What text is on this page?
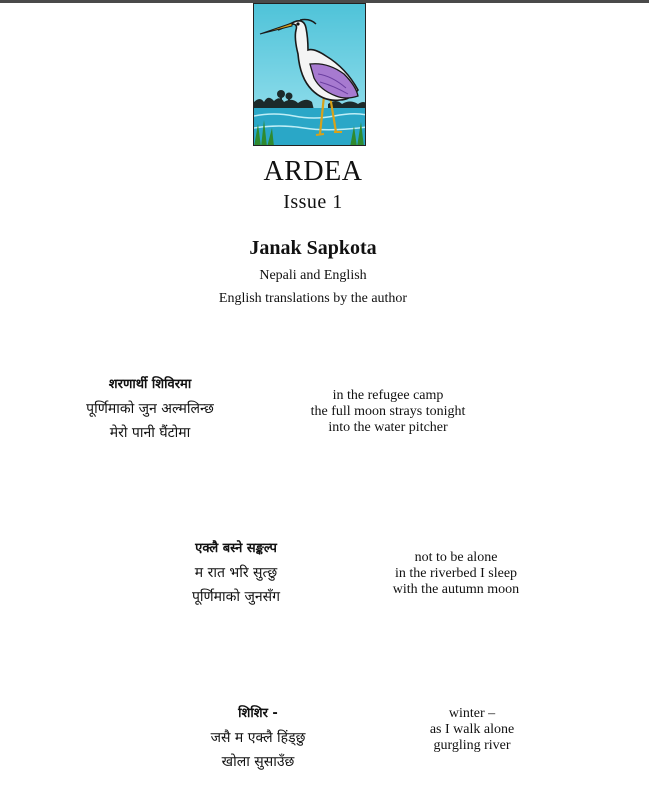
ARDEA
Issue 1
Janak Sapkota
Nepali and English
English translations by the author
शरणार्थी शिविरमा
पूर्णिमाको जुन अल्मलिन्छ
मेरो पानी घैंटोमा
in the refugee camp
the full moon strays tonight
into the water pitcher
एक्लै बस्ने सङ्कल्प
म रात भरि सुत्छु
पूर्णिमाको जुनसँग
not to be alone
in the riverbed I sleep
with the autumn moon
शिशिर -
जसै म एक्लै हिंड्छु
खोला सुसाउँछ
winter –
as I walk alone
gurgling river
